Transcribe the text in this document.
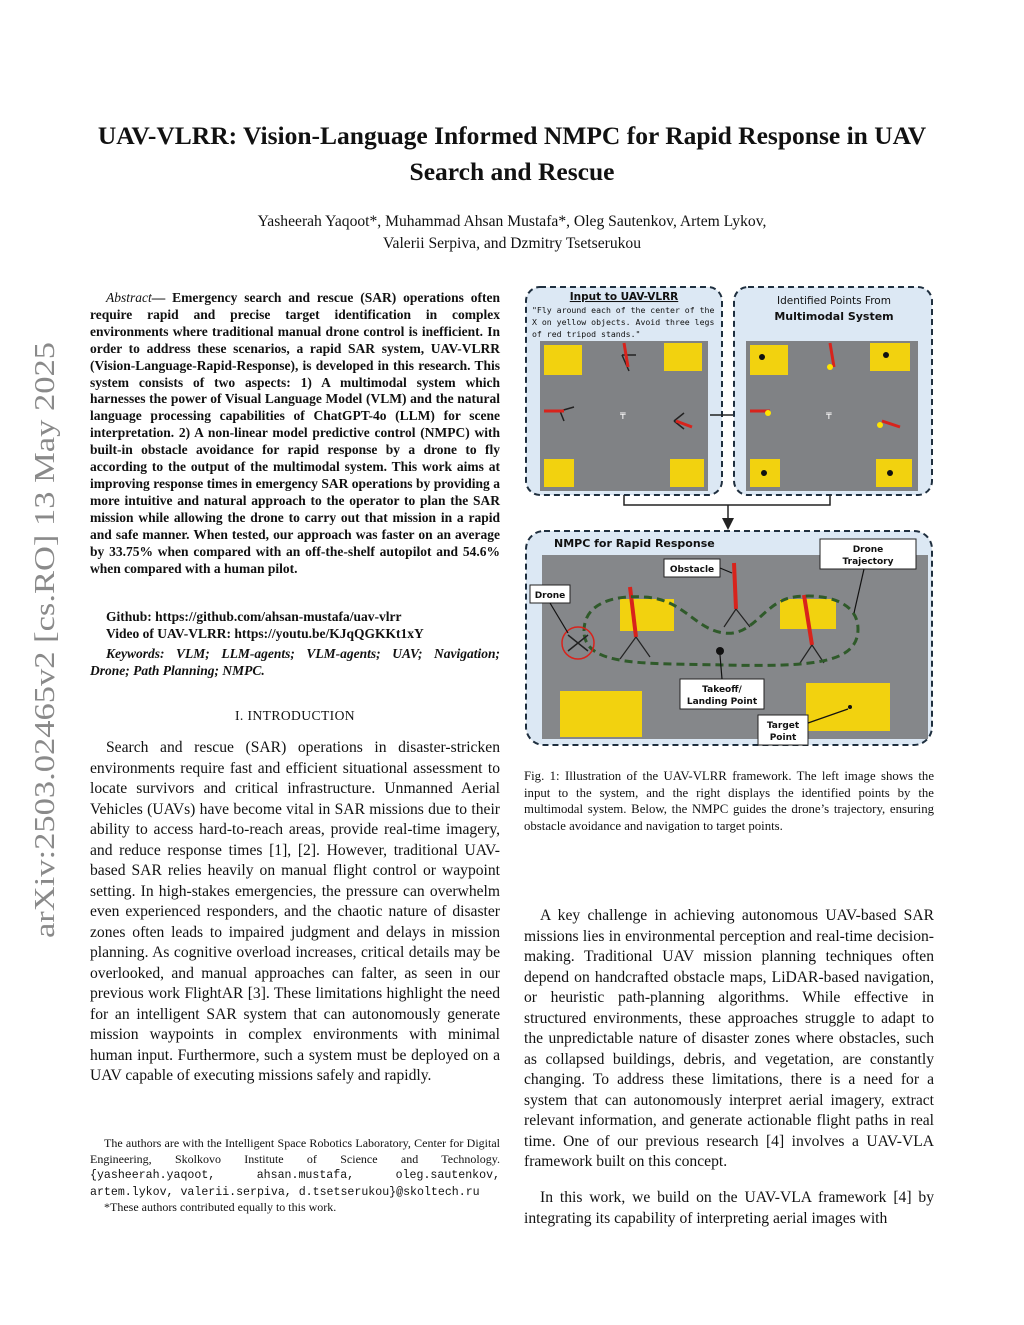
arXiv:2503.02465v2 [cs.RO] 13 May 2025
UAV-VLRR: Vision-Language Informed NMPC for Rapid Response in UAV Search and Rescue
Yasheerah Yaqoot*, Muhammad Ahsan Mustafa*, Oleg Sautenkov, Artem Lykov,
Valerii Serpiva, and Dzmitry Tsetserukou
Abstract— Emergency search and rescue (SAR) operations often require rapid and precise target identification in complex environments where traditional manual drone control is inefficient. In order to address these scenarios, a rapid SAR system, UAV-VLRR (Vision-Language-Rapid-Response), is developed in this research. This system consists of two aspects: 1) A multimodal system which harnesses the power of Visual Language Model (VLM) and the natural language processing capabilities of ChatGPT-4o (LLM) for scene interpretation. 2) A non-linear model predictive control (NMPC) with built-in obstacle avoidance for rapid response by a drone to fly according to the output of the multimodal system. This work aims at improving response times in emergency SAR operations by providing a more intuitive and natural approach to the operator to plan the SAR mission while allowing the drone to carry out that mission in a rapid and safe manner. When tested, our approach was faster on an average by 33.75% when compared with an off-the-shelf autopilot and 54.6% when compared with a human pilot.
Github: https://github.com/ahsan-mustafa/uav-vlrr
Video of UAV-VLRR: https://youtu.be/KJqQGKKt1xY
Keywords: VLM; LLM-agents; VLM-agents; UAV; Navigation; Drone; Path Planning; NMPC.
I. INTRODUCTION

Search and rescue (SAR) operations in disaster-stricken environments require fast and efficient situational assessment to locate survivors and critical infrastructure. Unmanned Aerial Vehicles (UAVs) have become vital in SAR missions due to their ability to access hard-to-reach areas, provide real-time imagery, and reduce response times [1], [2]. However, traditional UAV-based SAR relies heavily on manual flight control or waypoint setting. In high-stakes emergencies, the pressure can overwhelm even experienced responders, and the chaotic nature of disaster zones often leads to impaired judgment and delays in mission planning. As cognitive overload increases, critical details may be overlooked, and manual approaches can falter, as seen in our previous work FlightAR [3]. These limitations highlight the need for an intelligent SAR system that can autonomously generate mission waypoints in complex environments with minimal human input. Furthermore, such a system must be deployed on a UAV capable of executing missions safely and rapidly.

The authors are with the Intelligent Space Robotics Laboratory, Center for Digital Engineering, Skolkovo Institute of Science and Technology. {yasheerah.yaqoot, ahsan.mustafa, oleg.sautenkov, artem.lykov, valerii.serpiva, d.tsetserukou}@skoltech.ru

*These authors contributed equally to this work.

Input to UAV-VLRR
"Fly around each of the center of the
X on yellow objects. Avoid three legs
of red tripod stands."
₸
Identified Points From
Multimodal System
₸
NMPC for Rapid Response
Obstacle
Drone
Drone
Trajectory
Takeoff/
Landing Point
Target
Point
Fig. 1: Illustration of the UAV-VLRR framework. The left image shows the input to the system, and the right displays the identified points by the multimodal system. Below, the NMPC guides the drone’s trajectory, ensuring obstacle avoidance and navigation to target points.

A key challenge in achieving autonomous UAV-based SAR missions lies in environmental perception and real-time decision-making. Traditional UAV mission planning techniques often depend on handcrafted obstacle maps, LiDAR-based navigation, or heuristic path-planning algorithms. While effective in structured environments, these approaches struggle to adapt to the unpredictable nature of disaster zones where obstacles, such as collapsed buildings, debris, and vegetation, are constantly changing. To address these limitations, there is a need for a system that can autonomously interpret aerial imagery, extract relevant information, and generate actionable flight paths in real time. One of our previous research [4] involves a UAV-VLA framework built on this concept.

In this work, we build on the UAV-VLA framework [4] by integrating its capability of interpreting aerial images with
